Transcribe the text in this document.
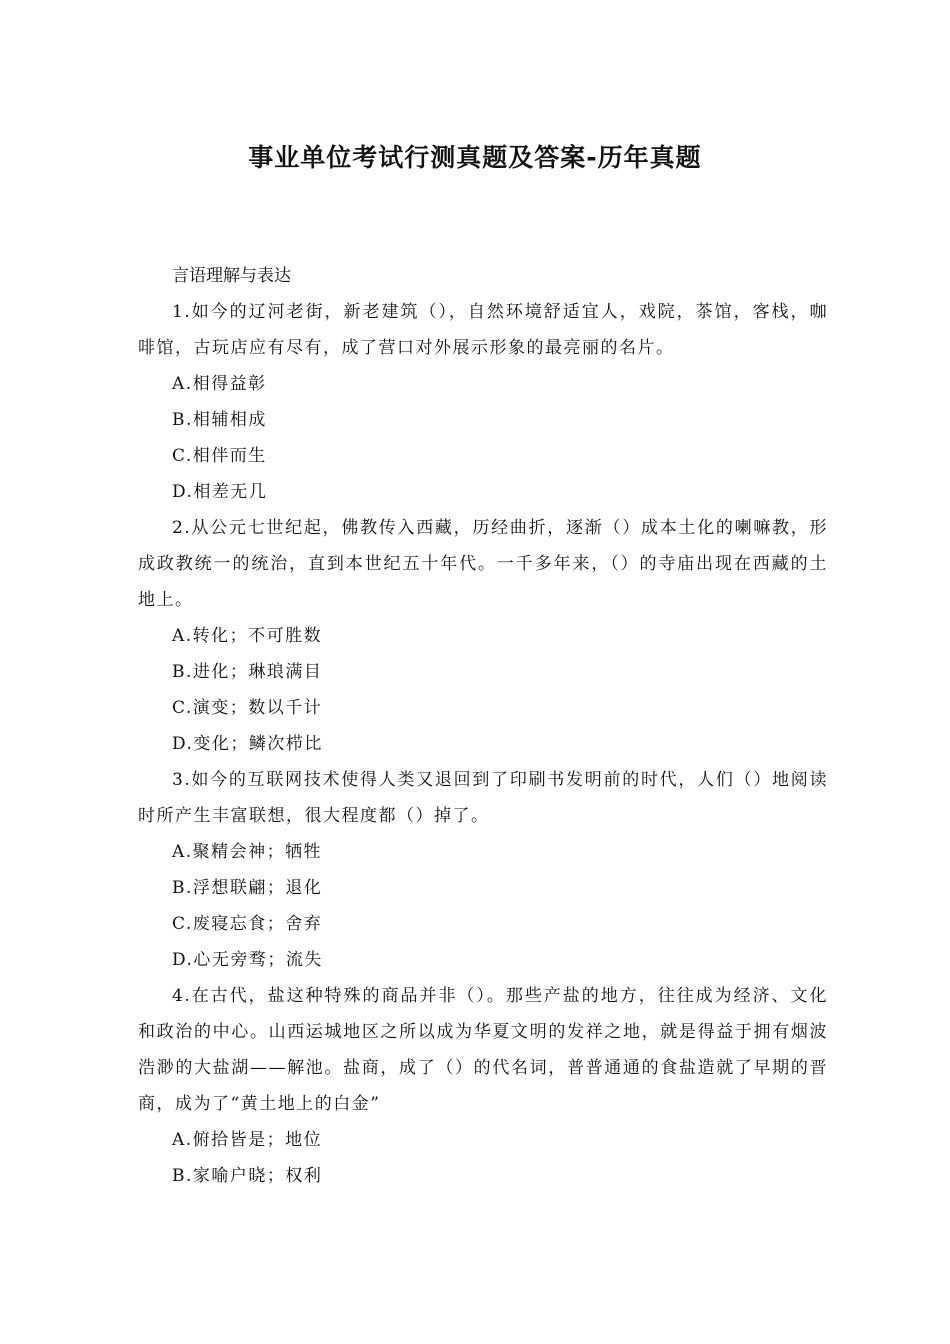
事业单位考试行测真题及答案-历年真题

言语理解与表达

1.如今的辽河老街，新老建筑（），自然环境舒适宜人，戏院，茶馆，客栈，咖啡馆，古玩店应有尽有，成了营口对外展示形象的最亮丽的名片。

A.相得益彰

B.相辅相成

C.相伴而生

D.相差无几

2.从公元七世纪起，佛教传入西藏，历经曲折，逐渐（）成本土化的喇嘛教，形成政教统一的统治，直到本世纪五十年代。一千多年来，（）的寺庙出现在西藏的土地上。

A.转化；不可胜数

B.进化；琳琅满目

C.演变；数以千计

D.变化；鳞次栉比

3.如今的互联网技术使得人类又退回到了印刷书发明前的时代，人们（）地阅读时所产生丰富联想，很大程度都（）掉了。

A.聚精会神；牺牲

B.浮想联翩；退化

C.废寝忘食；舍弃

D.心无旁骛；流失

4.在古代，盐这种特殊的商品并非（）。那些产盐的地方，往往成为经济、文化和政治的中心。山西运城地区之所以成为华夏文明的发祥之地，就是得益于拥有烟波浩渺的大盐湖——解池。盐商，成了（）的代名词，普普通通的食盐造就了早期的晋商，成为了“黄土地上的白金”

A.俯拾皆是；地位

B.家喻户晓；权利
